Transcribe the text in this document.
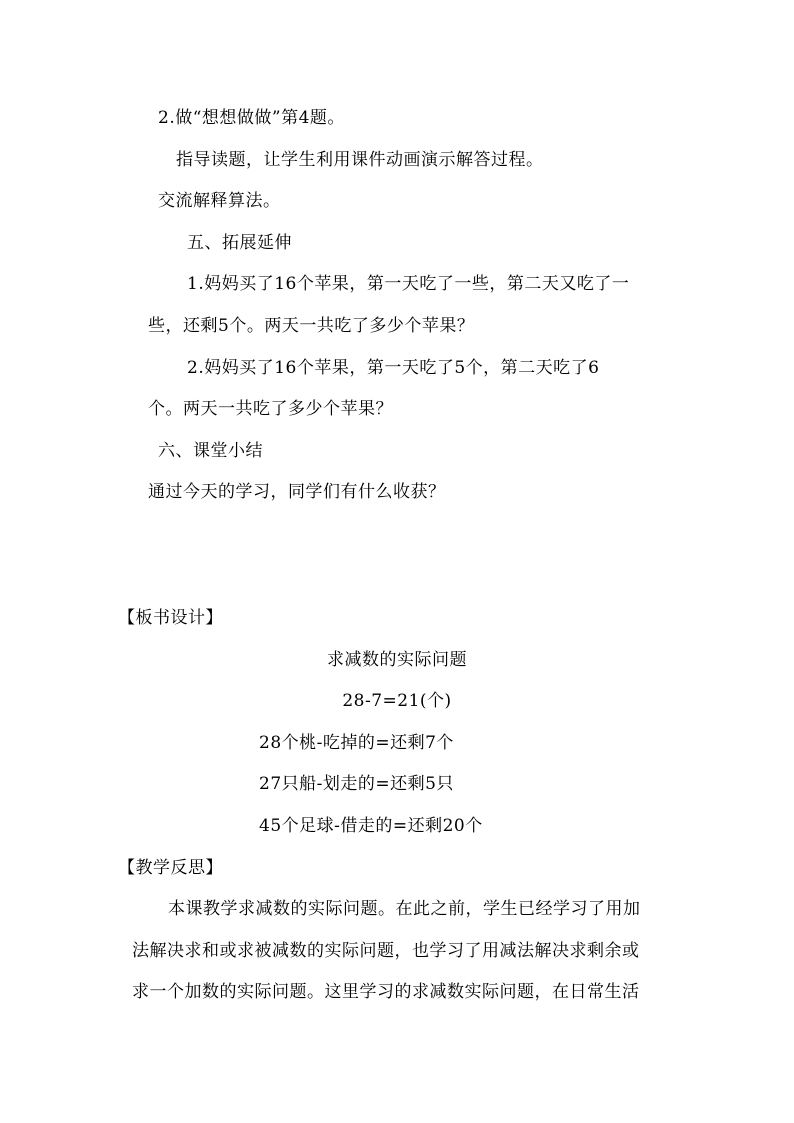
2.做“想想做做”第4题。
指导读题，让学生利用课件动画演示解答过程。
交流解释算法。
五、拓展延伸
1.妈妈买了16个苹果，第一天吃了一些，第二天又吃了一
些，还剩5个。两天一共吃了多少个苹果？
2.妈妈买了16个苹果，第一天吃了5个，第二天吃了6
个。两天一共吃了多少个苹果？
六、课堂小结
通过今天的学习，同学们有什么收获？
【板书设计】
求减数的实际问题
28-7=21(个)
28个桃-吃掉的=还剩7个
27只船-划走的=还剩5只
45个足球-借走的=还剩20个
【教学反思】
本课教学求减数的实际问题。在此之前，学生已经学习了用加
法解决求和或求被减数的实际问题，也学习了用减法解决求剩余或
求一个加数的实际问题。这里学习的求减数实际问题，在日常生活
